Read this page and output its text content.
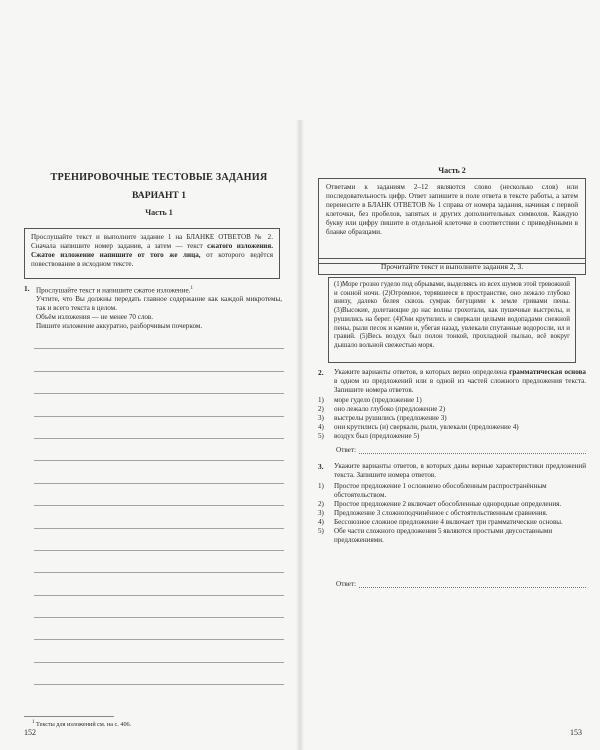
ТРЕНИРОВОЧНЫЕ ТЕСТОВЫЕ ЗАДАНИЯ
ВАРИАНТ 1
Часть 1
Прослушайте текст и выполните задание 1 на БЛАНКЕ ОТВЕТОВ № 2. Сначала напишите номер задания, а затем — текст сжатого изложения. Сжатое изложение напишите от того же лица, от которого ведётся повествование в исходном тексте.
1. Прослушайте текст и напишите сжатое изложение.$^1$
Учтите, что Вы должны передать главное содержание как каждой микротемы, так и всего текста в целом.
Объём изложения — не менее 70 слов.
Пишите изложение аккуратно, разборчивым почерком.
$^1$ Тексты для изложений см. на с. 406.
152
Часть 2
Ответами к заданиям 2–12 являются слово (несколько слов) или последовательность цифр. Ответ запишите в поле ответа в тексте работы, а затем перенесите в БЛАНК ОТВЕТОВ № 1 справа от номера задания, начиная с первой клеточки, без пробелов, запятых и других дополнительных символов. Каждую букву или цифру пишите в отдельной клеточке в соответствии с приведёнными в бланке образцами.
Прочитайте текст и выполните задания 2, 3.
(1)Море грозно гудело под обрывами, выделяясь из всех шумов этой тревожной и сонной ночи. (2)Огромное, терявшееся в пространстве, оно лежало глубоко внизу, далеко белея сквозь сумрак бегущими к земле гривами пены. (3)Высокие, долетающие до нас волны грохотали, как пушечные выстрелы, и рушились на берег. (4)Они крутились и сверкали целыми водопадами снежной пены, рыли песок и камни и, убегая назад, увлекали спутанные водоросли, ил и гравий. (5)Весь воздух был полон тонкой, прохладной пылью, всё вокруг дышало вольной свежестью моря.
2. Укажите варианты ответов, в которых верно определена грамматическая основа в одном из предложений или в одной из частей сложного предложения текста. Запишите номера ответов.
1)	море гудело (предложение 1)
2)	оно лежало глубоко (предложение 2)
3)	выстрелы рушились (предложение 3)
4)	они крутились (и) сверкали, рыли, увлекали (предложение 4)
5)	воздух был (предложение 5)
Ответ:
3. Укажите варианты ответов, в которых даны верные характеристики предложений текста. Запишите номера ответов.
1)	Простое предложение 1 осложнено обособленным распространённым обстоятельством.
2)	Простое предложение 2 включает обособленные однородные определения.
3)	Предложение 3 сложноподчинённое с обстоятельственным сравнения.
4)	Бессоюзное сложное предложение 4 включает три грамматические основы.
5)	Обе части сложного предложения 5 являются простыми двусоставными предложениями.
Ответ:
153
